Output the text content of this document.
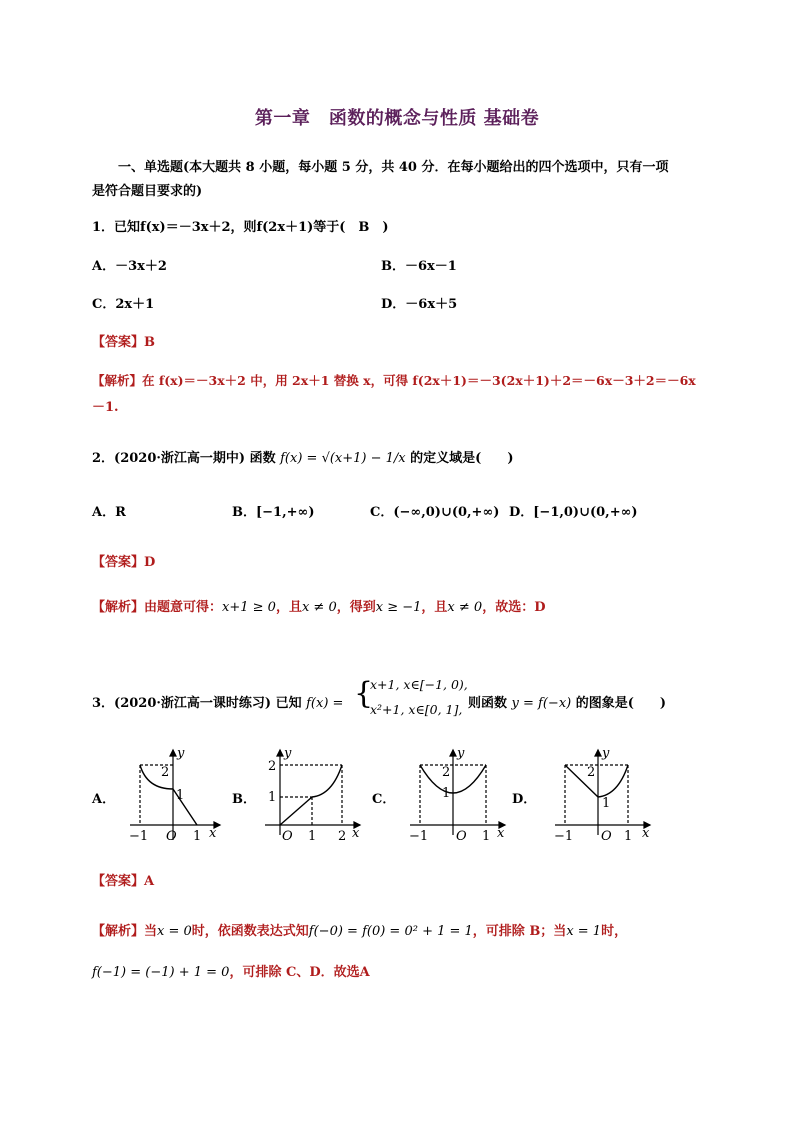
第一章　函数的概念与性质 基础卷
一、单选题(本大题共 8 小题，每小题 5 分，共 40 分．在每小题给出的四个选项中，只有一项
是符合题目要求的)
1．已知f(x)＝－3x＋2，则f(2x＋1)等于(　B　)
A．－3x＋2	B．－6x－1
C．2x＋1	D．－6x＋5
【答案】B
【解析】在 f(x)＝－3x＋2 中，用 2x＋1 替换 x，可得 f(2x＋1)＝－3(2x＋1)＋2＝－6x－3＋2＝－6x
－1.
2．(2020·浙江高一期中) 函数 f(x) = √(x+1) − 1/x 的定义域是(　　)
A．R	B．[−1,+∞)	C．(−∞,0)∪(0,+∞) D．[−1,0)∪(0,+∞)
【答案】D
【解析】由题意可得：x+1 ≥ 0，且x ≠ 0，得到x ≥ −1，且x ≠ 0，故选：D
3．(2020·浙江高一课时练习) 已知 f(x) = {
x+1, x∈[−1, 0),
x²+1, x∈[0, 1], 则函数 y = f(−x) 的图象是(　　)
A．	B．	C．	D．
y
2
1
−1 O 1 x
y
2
1
O 1 2 x
y
2
1
−1 O 1 x
y
2
1
−1 O 1 x
【答案】A
【解析】当x = 0时，依函数表达式知f(−0) = f(0) = 0² + 1 = 1，可排除 B；当x = 1时，
f(−1) = (−1) + 1 = 0，可排除 C、D．故选A
